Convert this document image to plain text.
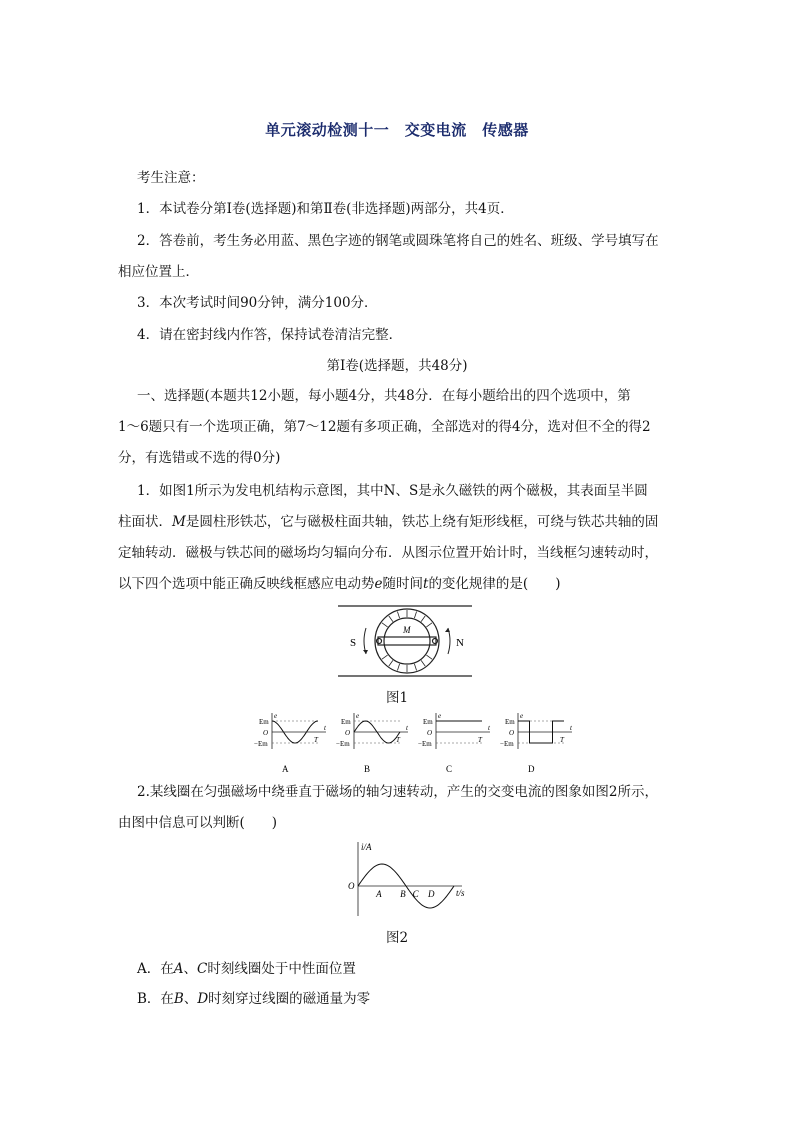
单元滚动检测十一　交变电流　传感器
考生注意：
1．本试卷分第Ⅰ卷(选择题)和第Ⅱ卷(非选择题)两部分，共4页．
2．答卷前，考生务必用蓝、黑色字迹的钢笔或圆珠笔将自己的姓名、班级、学号填写在
相应位置上．
3．本次考试时间90分钟，满分100分．
4．请在密封线内作答，保持试卷清洁完整．
第Ⅰ卷(选择题，共48分)
一、选择题(本题共12小题，每小题4分，共48分．在每小题给出的四个选项中，第
1～6题只有一个选项正确，第7～12题有多项正确，全部选对的得4分，选对但不全的得2
分，有选错或不选的得0分)
1．如图1所示为发电机结构示意图，其中N、S是永久磁铁的两个磁极，其表面呈半圆
柱面状．M是圆柱形铁芯，它与磁极柱面共轴，铁芯上绕有矩形线框，可绕与铁芯共轴的固
定轴转动．磁极与铁芯间的磁场均匀辐向分布．从图示位置开始计时，当线框匀速转动时，
以下四个选项中能正确反映线框感应电动势e随时间t的变化规律的是(　　)
S	N
M
图1
Em
O
−Em
e
t
T
A
Em
O
−Em
e
t
T
B
Em
O
−Em
e
t
T
C
Em
O
−Em
e
t
T
D
2.某线圈在匀强磁场中绕垂直于磁场的轴匀速转动，产生的交变电流的图象如图2所示，
由图中信息可以判断(　　)
i/A
t/s
O
A B C D
图2
A．在A、C时刻线圈处于中性面位置
B．在B、D时刻穿过线圈的磁通量为零
